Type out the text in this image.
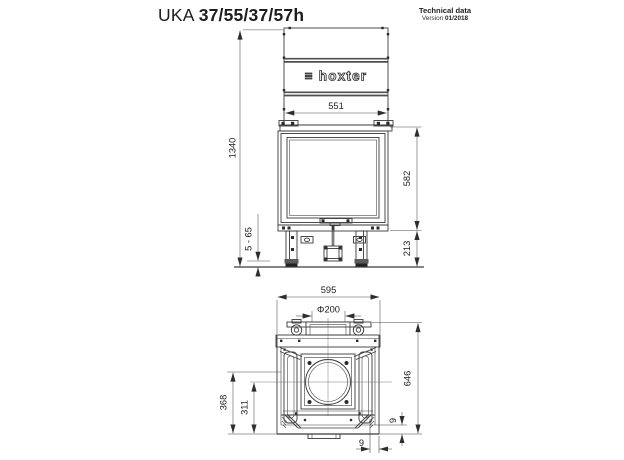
UKA 37/55/37/57h	Technical data
Version 01/2018
≡ hoxter
551
1340
5 - 65
582
213
595
Φ200
646
368 311
9
9
